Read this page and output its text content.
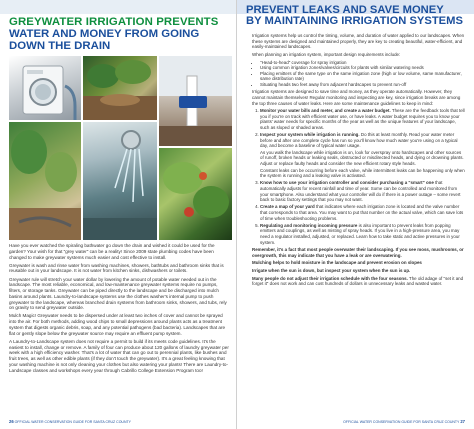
GREYWATER IRRIGATION PREVENTS
WATER AND MONEY FROM GOING
DOWN THE DRAIN

Have you ever watched the spiraling bathwater go down the drain and wished it could be used for the garden? Your wish for that "grey water" can be a reality! Since 2009 state plumbing codes have been changed to make greywater systems much easier and cost effective to install.

Greywater is wash and rinse water from washing machines, showers, bathtubs and bathroom sinks that is reusable out in your landscape. It is not water from kitchen sinks, dishwashers or toilets.

Greywater rule will stretch your water dollar by lowering the amount of potable water needed out in the landscape. The most reliable, economical, and low-maintenance greywater systems require no pumps, filters, or storage tanks. Greywater can be piped directly to the landscape and be discharged into mulch basins around plants. Laundry-to-landscape systems use the clothes washer's internal pump to push greywater to the landscape, whereas branched drain systems from bathroom sinks, showers, and tubs, rely on gravity to send greywater outside.

Mulch Magic! Greywater needs to be dispersed under at least two inches of cover and cannot be sprayed into the air. For both methods, adding wood chips to small depressions around plants acts as a treatment system that digests organic debris, soap, and any potential pathogens (bad bacteria). Landscapes that are flat or gently slope below the greywater source may require an effluent pump system.

A Laundry-to-Landscape system does not require a permit to build if its meets code guidelines. It's the easiest to install, change or remove. A family of four can produce about 120 gallons of laundry greywater per week with a high efficiency washer. That's a lot of water that can go out to perennial plants, like bushes and fruit trees, as well as other edible plants (if they don't touch the greywater). It's a great feeling knowing that your washing machine is not only cleaning your clothes but also watering your plants! There are Laundry-to-Landscape classes and workshops every year through Cabrillo College Extension Program too!

26 OFFICIAL WATER CONSERVATION GUIDE FOR SANTA CRUZ COUNTY
PREVENT LEAKS AND SAVE MONEY
BY MAINTAINING IRRIGATION SYSTEMS

Irrigation systems help us control the timing, volume, and duration of water applied to our landscapes. When these systems are designed and maintained properly, they are key to creating beautiful, water-efficient, and easily-maintained landscapes.

When planning an irrigation system, important design requirements include:

• "Head-to-head" coverage for spray irrigation
• Using common irrigation zones/valves/circuits for plants with similar watering needs
• Placing emitters of the same type on the same irrigation zone (high or low volume, same manufacturer, same distribution rate)
• Situating heads two feet away from adjacent hardscapes to prevent run-off

Irrigation systems are designed to save time and money, as they operate automatically. However, they cannot maintain themselves! Regular monitoring and inspecting are key, since irrigation breaks are among the top three causes of water leaks. Here are some maintenance guidelines to keep in mind:

1. Monitor your water bills and meter, and create a water budget. These are the feedback tools that tell you if you're on track with efficient water use, or have leaks. A water budget requires you to know your plants' water needs for specific months of the year as well as the unique features of your landscape, such as sloped or shaded areas.
2. Inspect your system while irrigation is running. Do this at least monthly. Read your water meter before and after one complete cycle has run so you'll know how much water you're using on a typical day, and become a baseline of typical water usage.

As you walk the landscape while irrigation is on, look for overspray onto hardscapes and other sources of runoff, broken heads or leaking seals, obstructed or misdirected heads, and dying or drowning plants. Adjust or replace faulty heads and consider the new efficient rotary style heads.

Constant leaks can be occurring before each valve, while intermittent leaks can be happening only when the system is running and a leaking valve is activated.

3. Know how to use your irrigation controller and consider purchasing a "smart" one that automatically adjusts for recent rainfall and time of year. Some can be controlled and monitored from your smartphone. Also understand what your controller will do if there is a power outage – some revert back to basic factory settings that you may not want.
4. Create a map of your yard that indicates where each irrigation zone is located and the valve number that corresponds to that area. You may want to put that number on the actual valve, which can save lots of time when troubleshooting problems.
5. Regulating and monitoring incoming pressure is also important to prevent leaks from popping emitters and couplings, as well as misting of spray heads. If you live in a high-pressure area, you may need a regulator installed, adjusted, or replaced. Learn how to take static and active pressures in your system.

Remember, it's a fact that most people overwater their landscaping. If you see moss, mushrooms, or overgrowth, this may indicate that you have a leak or are overwatering.

Mulching helps to hold moisture in the landscape and prevent erosion on slopes

Irrigate when the sun is down, but inspect your system when the sun is up.

Many people do not adjust their irrigation schedule with the four seasons. The old adage of "set it and forget it" does not work and can cost hundreds of dollars in unnecessary leaks and wasted water.

OFFICIAL WATER CONSERVATION GUIDE FOR SANTA CRUZ COUNTY 27
